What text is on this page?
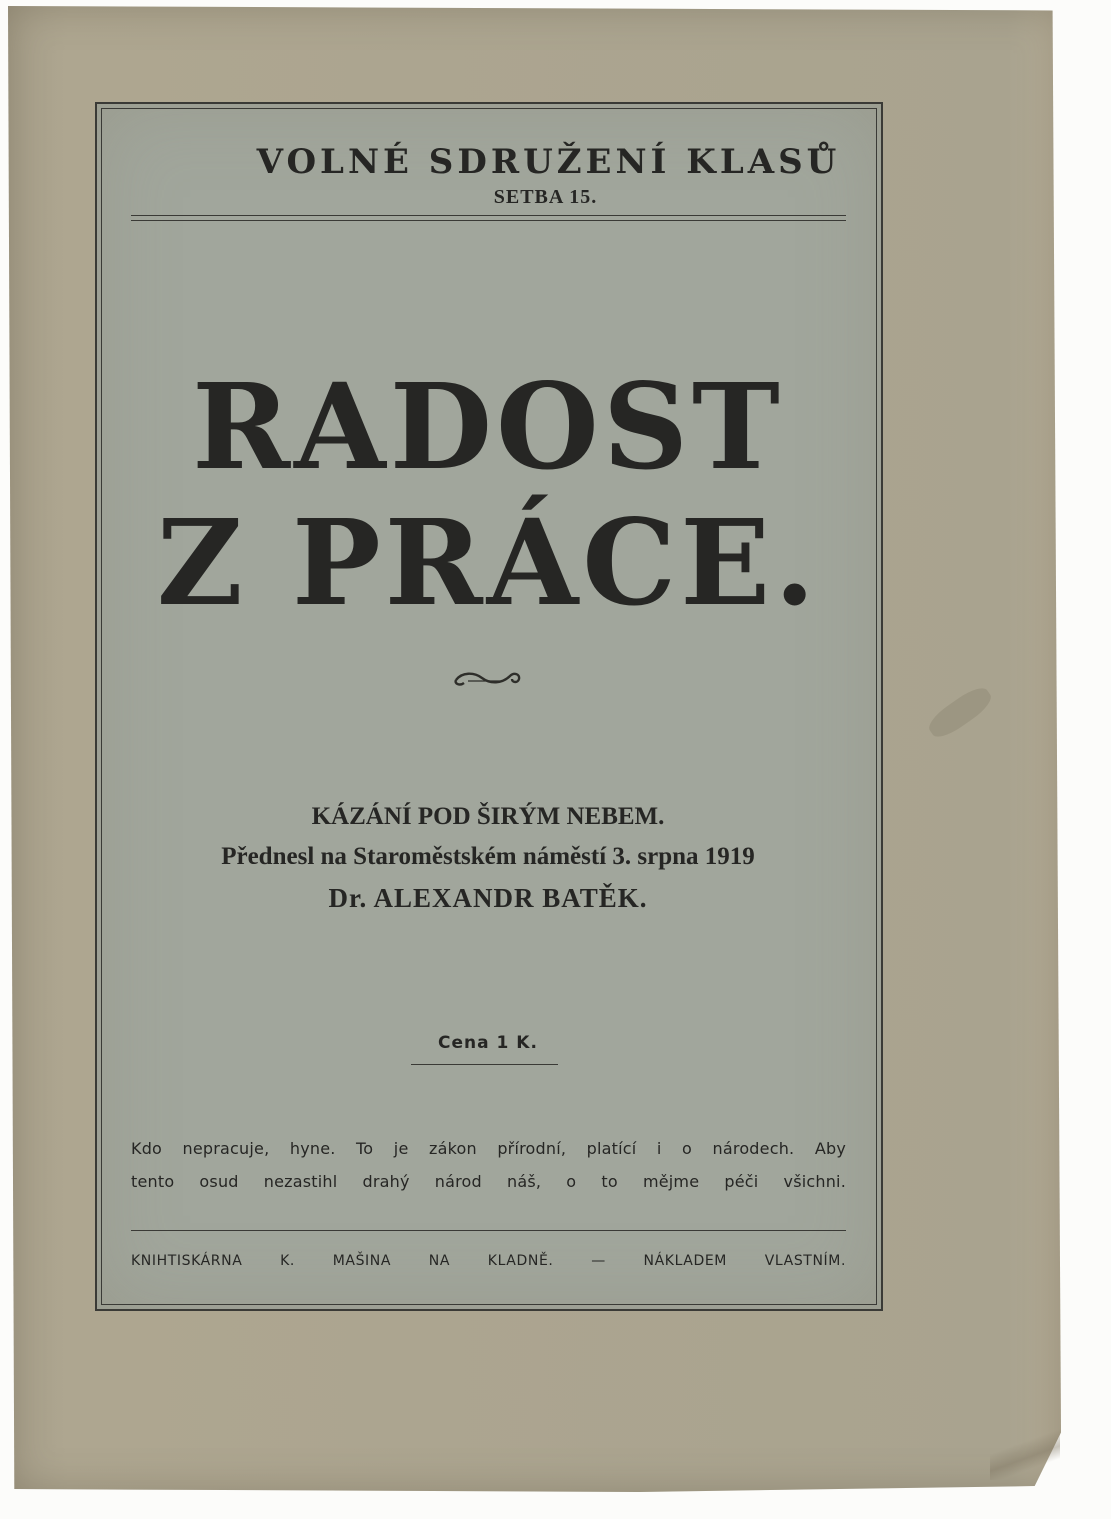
VOLNÉ SDRUŽENÍ KLASŮ
SETBA 15.
RADOST
Z PRÁCE.
KÁZÁNÍ POD ŠIRÝM NEBEM.
Přednesl na Staroměstském náměstí 3. srpna 1919
Dr. ALEXANDR BATĚK.
Cena 1 K.
Kdo nepracuje, hyne. To je zákon přírodní, platící i o národech. Aby
tento osud nezastihl drahý národ náš, o to mějme péči všichni.
KNIHTISKÁRNA K. MAŠINA NA KLADNĚ. — NÁKLADEM VLASTNÍM.
